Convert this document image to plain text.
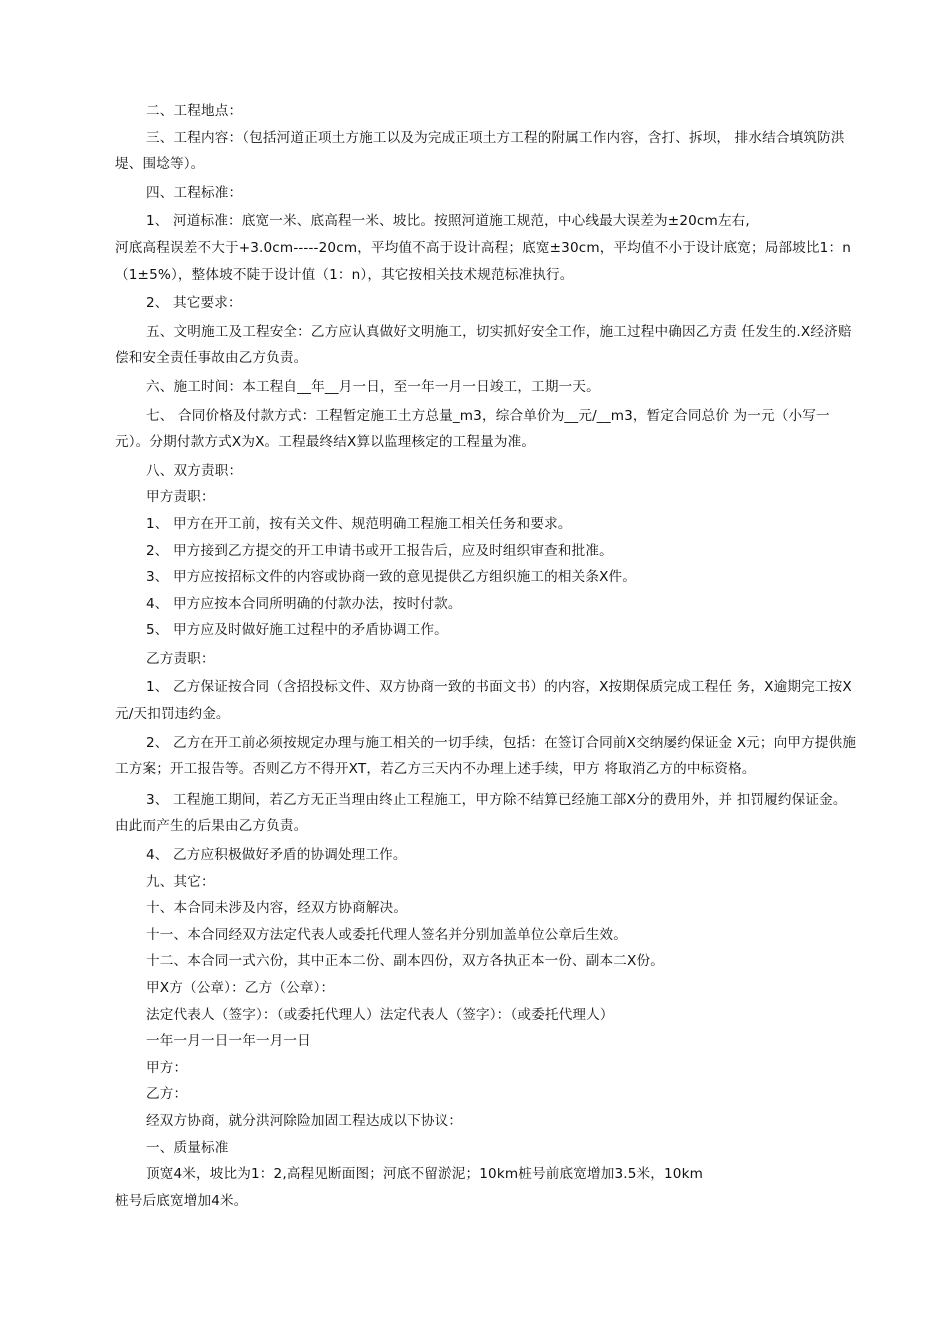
二、工程地点：

三、工程内容：（包括河道正项土方施工以及为完成正项土方工程的附属工作内容，含打、拆坝， 排水结合填筑防洪堤、围埝等）。

四、工程标准：

1、 河道标准：底宽一米、底高程一米、坡比。按照河道施工规范，中心线最大误差为±20cm左右,

河底高程误差不大于+3.0cm-----20cm，平均值不高于设计高程；底宽±30cm，平均值不小于设计底宽；局部坡比1：n（1±5%），整体坡不陡于设计值（1：n），其它按相关技术规范标准执行。

2、 其它要求：

五、文明施工及工程安全：乙方应认真做好文明施工，切实抓好安全工作，施工过程中确因乙方责 任发生的.X经济赔偿和安全责任事故由乙方负责。

六、施工时间：本工程自__年__月一日，至一年一月一日竣工，工期一天。

七、 合同价格及付款方式：工程暂定施工土方总量_m3，综合单价为__元/__m3，暂定合同总价 为一元（小写一元）。分期付款方式X为X。工程最终结X算以监理核定的工程量为准。

八、双方责职：

甲方责职：

1、 甲方在开工前，按有关文件、规范明确工程施工相关任务和要求。

2、 甲方接到乙方提交的开工申请书或开工报告后，应及时组织审查和批准。

3、 甲方应按招标文件的内容或协商一致的意见提供乙方组织施工的相关条X件。

4、 甲方应按本合同所明确的付款办法，按时付款。

5、 甲方应及时做好施工过程中的矛盾协调工作。

乙方责职：

1、 乙方保证按合同（含招投标文件、双方协商一致的书面文书）的内容，X按期保质完成工程任 务，X逾期完工按X元/天扣罚违约金。

2、 乙方在开工前必须按规定办理与施工相关的一切手续，包括：在签订合同前X交纳屡约保证金 X元；向甲方提供施工方案；开工报告等。否则乙方不得开XT，若乙方三天内不办理上述手续，甲方 将取消乙方的中标资格。

3、 工程施工期间，若乙方无正当理由终止工程施工，甲方除不结算已经施工部X分的费用外，并 扣罚履约保证金。由此而产生的后果由乙方负责。

4、 乙方应积极做好矛盾的协调处理工作。

九、其它：

十、本合同未涉及内容，经双方协商解决。

十一、本合同经双方法定代表人或委托代理人签名并分别加盖单位公章后生效。

十二、本合同一式六份，其中正本二份、副本四份，双方各执正本一份、副本二X份。

甲X方（公章）：乙方（公章）：

法定代表人（签字）：（或委托代理人）法定代表人（签字）：（或委托代理人）

一年一月一日一年一月一日

甲方：

乙方：

经双方协商，就分洪河除险加固工程达成以下协议：

一、质量标准

顶宽4米，坡比为1：2,高程见断面图；河底不留淤泥；10km桩号前底宽增加3.5米，10km

桩号后底宽增加4米。
